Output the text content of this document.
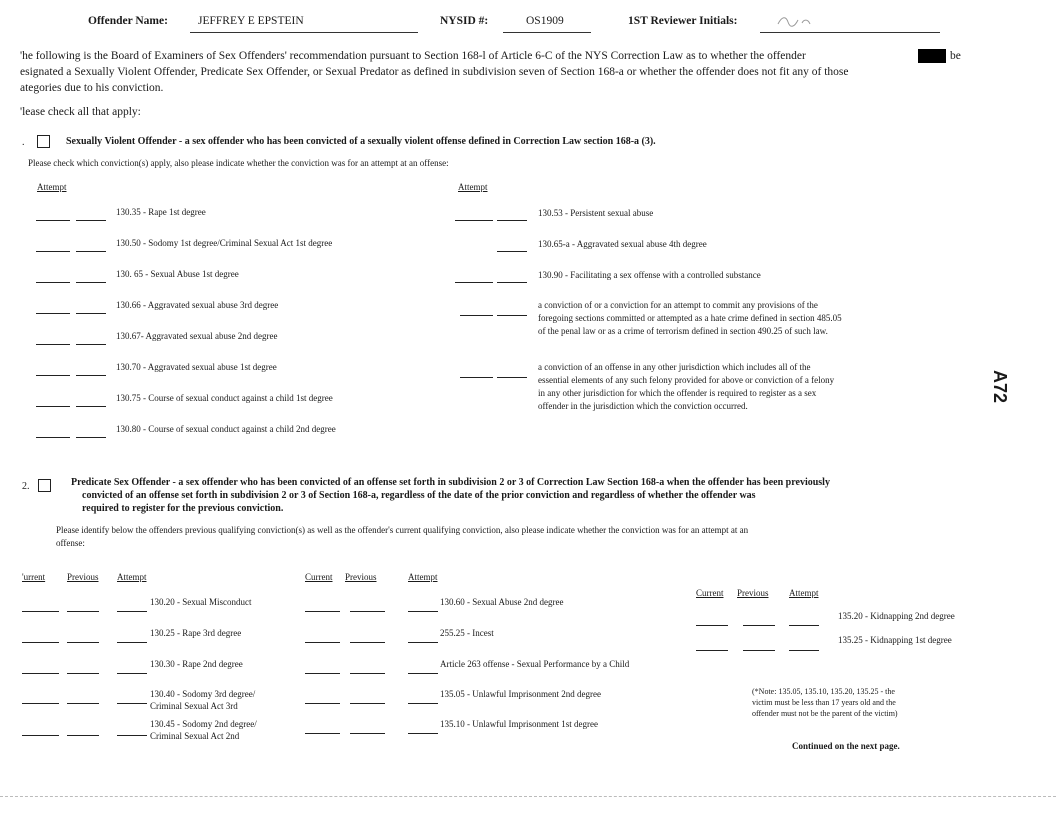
Offender Name:	JEFFREY E EPSTEIN	NYSID #:	OS1909	1ST Reviewer Initials:
'he following is the Board of Examiners of Sex Offenders' recommendation pursuant to Section 168-l of Article 6-C of the NYS Correction Law as to whether the offender	be
esignated a Sexually Violent Offender, Predicate Sex Offender, or Sexual Predator as defined in subdivision seven of Section 168-a or whether the offender does not fit any of those
ategories due to his conviction.
'lease check all that apply:
.	Sexually Violent Offender - a sex offender who has been convicted of a sexually violent offense defined in Correction Law section 168-a (3).
Please check which conviction(s) apply, also please indicate whether the conviction was for an attempt at an offense:
Attempt	Attempt
130.35 - Rape 1st degree
130.50 - Sodomy 1st degree/Criminal Sexual Act 1st degree
130. 65 - Sexual Abuse 1st degree
130.66 - Aggravated sexual abuse 3rd degree
130.67- Aggravated sexual abuse 2nd degree
130.70 - Aggravated sexual abuse 1st degree
130.75 - Course of sexual conduct against a child 1st degree
130.80 - Course of sexual conduct against a child 2nd degree
130.53 - Persistent sexual abuse
130.65-a - Aggravated sexual abuse 4th degree
130.90 - Facilitating a sex offense with a controlled substance
a conviction of or a conviction for an attempt to commit any provisions of the
foregoing sections committed or attempted as a hate crime defined in section 485.05
of the penal law or as a crime of terrorism defined in section 490.25 of such law.
a conviction of an offense in any other jurisdiction which includes all of the
essential elements of any such felony provided for above or conviction of a felony
in any other jurisdiction for which the offender is required to register as a sex
offender in the jurisdiction which the conviction occurred.
A72
2.	Predicate Sex Offender - a sex offender who has been convicted of an offense set forth in subdivision 2 or 3 of Correction Law Section 168-a when the offender has been previously
convicted of an offense set forth in subdivision 2 or 3 of Section 168-a, regardless of the date of the prior conviction and regardless of whether the offender was
required to register for the previous conviction.
Please identify below the offenders previous qualifying conviction(s) as well as the offender's current qualifying conviction, also please indicate whether the conviction was for an attempt at an
offense:
'urrent Previous Attempt	Current Previous	Attempt
Current Previous Attempt
130.20 - Sexual Misconduct
130.25 - Rape 3rd degree
130.30 - Rape 2nd degree
130.40 - Sodomy 3rd degree/
Criminal Sexual Act 3rd
130.45 - Sodomy 2nd degree/
Criminal Sexual Act 2nd
130.60 - Sexual Abuse 2nd degree
255.25 - Incest
Article 263 offense - Sexual Performance by a Child
135.05 - Unlawful Imprisonment 2nd degree
135.10 - Unlawful Imprisonment 1st degree
135.20 - Kidnapping 2nd degree
135.25 - Kidnapping 1st degree
(*Note: 135.05, 135.10, 135.20, 135.25 - the
victim must be less than 17 years old and the
offender must not be the parent of the victim)
Continued on the next page.
